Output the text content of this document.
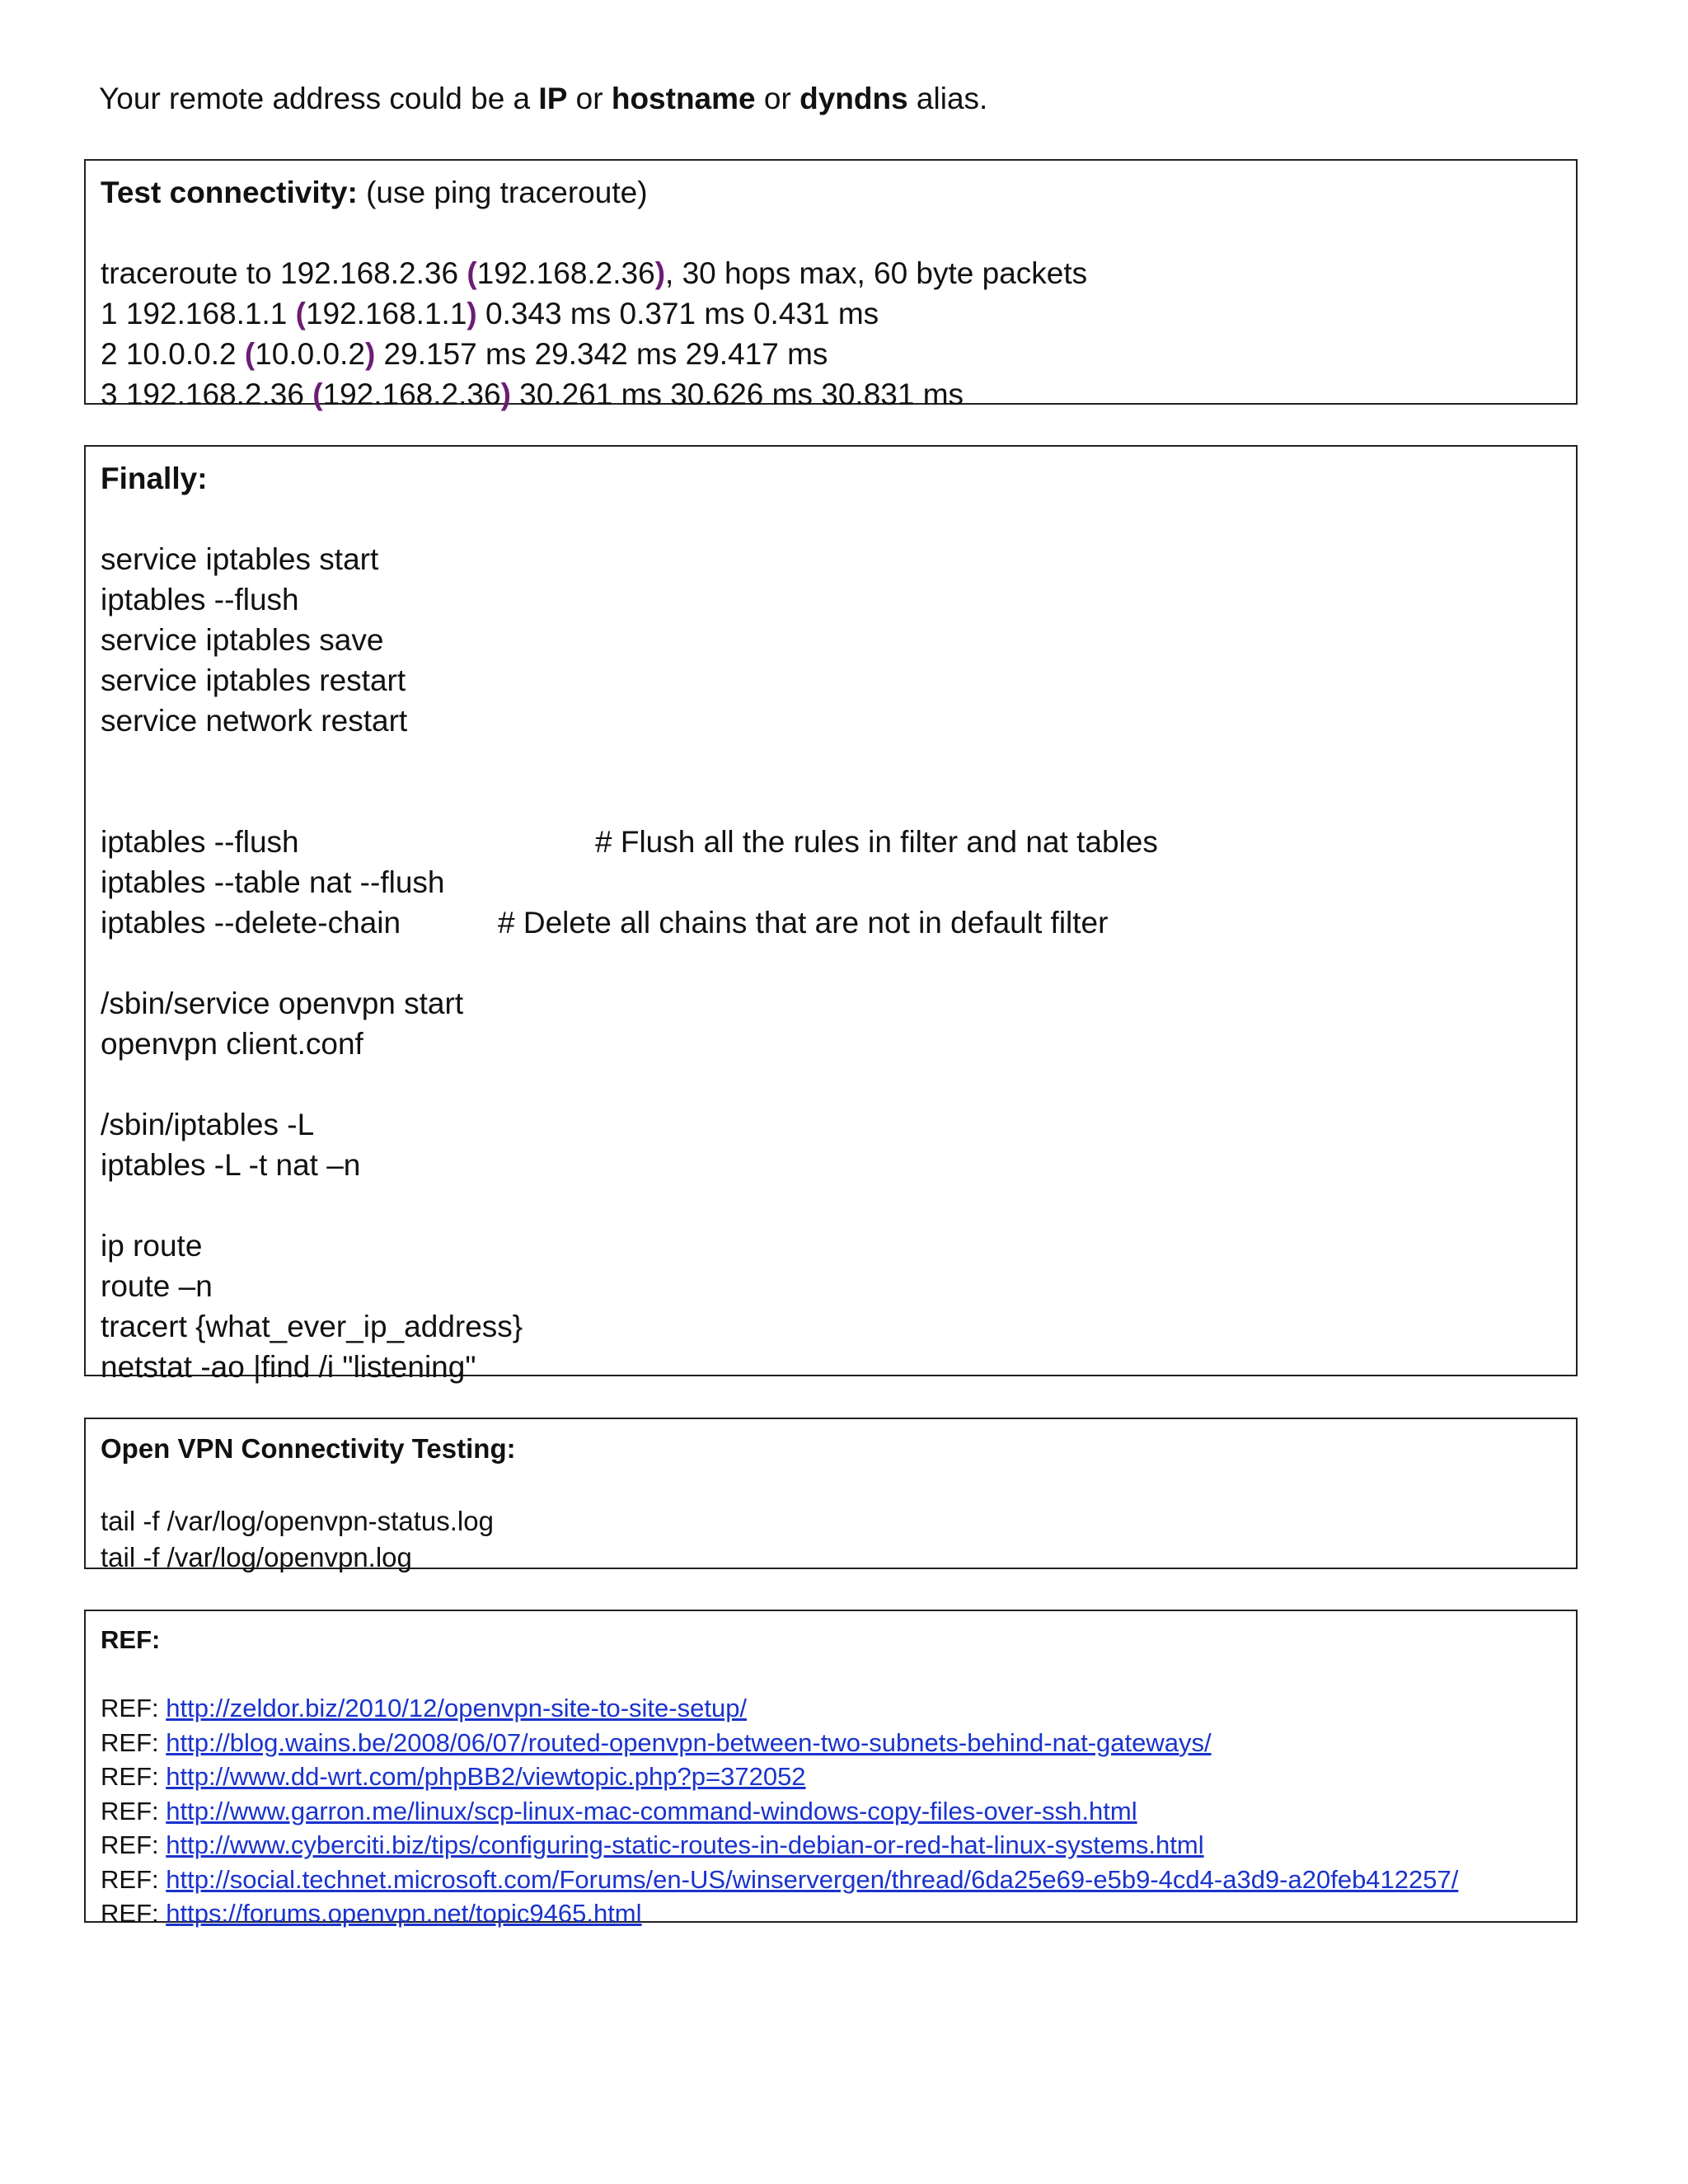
Your remote address could be a IP or hostname or dyndns alias.
Test connectivity: (use ping traceroute)
traceroute to 192.168.2.36 (192.168.2.36), 30 hops max, 60 byte packets
1 192.168.1.1 (192.168.1.1) 0.343 ms 0.371 ms 0.431 ms
2 10.0.0.2 (10.0.0.2) 29.157 ms 29.342 ms 29.417 ms
3 192.168.2.36 (192.168.2.36) 30.261 ms 30.626 ms 30.831 ms
Finally:
service iptables start
iptables --flush
service iptables save
service iptables restart
service network restart
iptables --flush	# Flush all the rules in filter and nat tables
iptables --table nat --flush
iptables --delete-chain	# Delete all chains that are not in default filter
/sbin/service openvpn start
openvpn client.conf
/sbin/iptables -L
iptables -L -t nat –n
ip route
route –n
tracert {what_ever_ip_address}
netstat -ao |find /i "listening"
Open VPN Connectivity Testing:
tail -f /var/log/openvpn-status.log
tail -f /var/log/openvpn.log
REF:
REF: http://zeldor.biz/2010/12/openvpn-site-to-site-setup/
REF: http://blog.wains.be/2008/06/07/routed-openvpn-between-two-subnets-behind-nat-gateways/
REF: http://www.dd-wrt.com/phpBB2/viewtopic.php?p=372052
REF: http://www.garron.me/linux/scp-linux-mac-command-windows-copy-files-over-ssh.html
REF: http://www.cyberciti.biz/tips/configuring-static-routes-in-debian-or-red-hat-linux-systems.html
REF: http://social.technet.microsoft.com/Forums/en-US/winservergen/thread/6da25e69-e5b9-4cd4-a3d9-a20feb412257/
REF: https://forums.openvpn.net/topic9465.html
